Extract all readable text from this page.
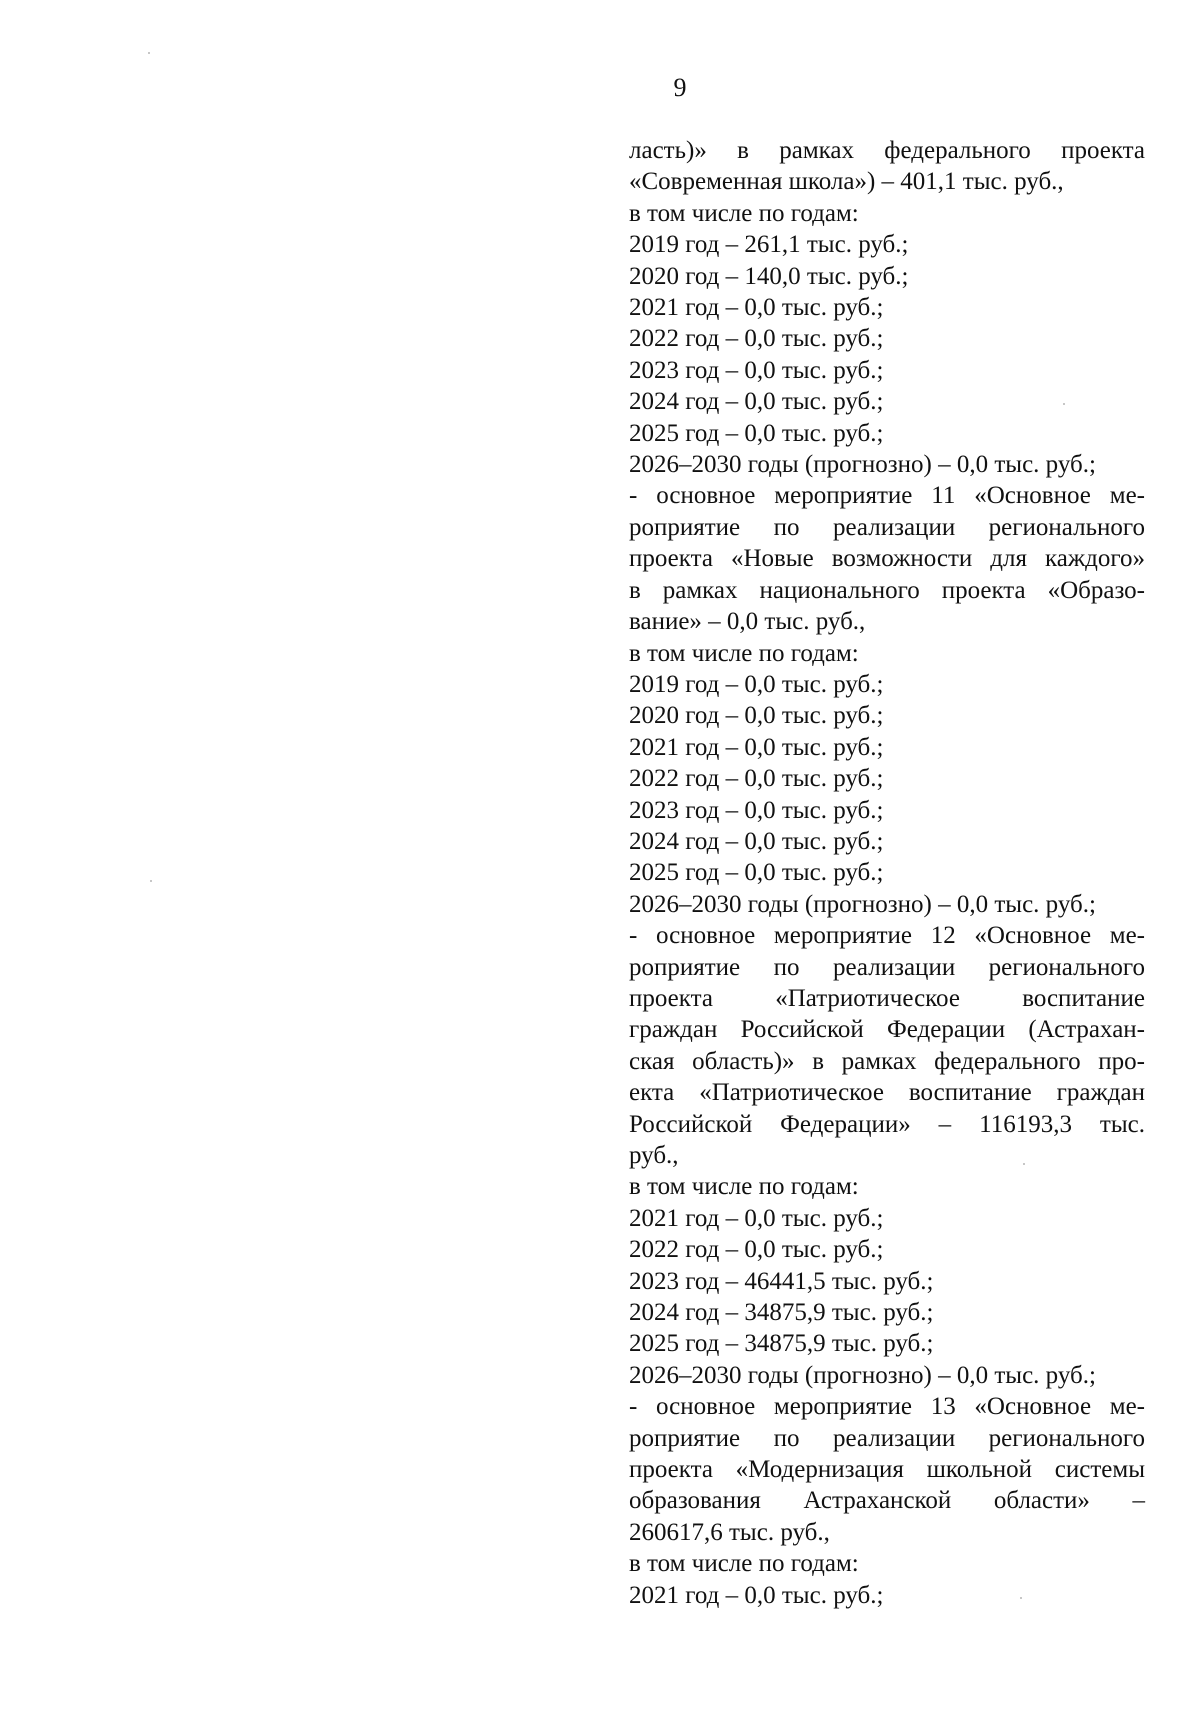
9
ласть)» в рамках федерального проекта
«Современная школа») – 401,1 тыс. руб.,
в том числе по годам:
2019 год – 261,1 тыс. руб.;
2020 год – 140,0 тыс. руб.;
2021 год – 0,0 тыс. руб.;
2022 год – 0,0 тыс. руб.;
2023 год – 0,0 тыс. руб.;
2024 год – 0,0 тыс. руб.;
2025 год – 0,0 тыс. руб.;
2026–2030 годы (прогнозно) – 0,0 тыс. руб.;
- основное мероприятие 11 «Основное ме-
роприятие по реализации регионального
проекта «Новые возможности для каждого»
в рамках национального проекта «Образо-
вание» – 0,0 тыс. руб.,
в том числе по годам:
2019 год – 0,0 тыс. руб.;
2020 год – 0,0 тыс. руб.;
2021 год – 0,0 тыс. руб.;
2022 год – 0,0 тыс. руб.;
2023 год – 0,0 тыс. руб.;
2024 год – 0,0 тыс. руб.;
2025 год – 0,0 тыс. руб.;
2026–2030 годы (прогнозно) – 0,0 тыс. руб.;
- основное мероприятие 12 «Основное ме-
роприятие по реализации регионального
проекта «Патриотическое воспитание
граждан Российской Федерации (Астрахан-
ская область)» в рамках федерального про-
екта «Патриотическое воспитание граждан
Российской Федерации» – 116193,3 тыс.
руб.,
в том числе по годам:
2021 год – 0,0 тыс. руб.;
2022 год – 0,0 тыс. руб.;
2023 год – 46441,5 тыс. руб.;
2024 год – 34875,9 тыс. руб.;
2025 год – 34875,9 тыс. руб.;
2026–2030 годы (прогнозно) – 0,0 тыс. руб.;
- основное мероприятие 13 «Основное ме-
роприятие по реализации регионального
проекта «Модернизация школьной системы
образования Астраханской области» –
260617,6 тыс. руб.,
в том числе по годам:
2021 год – 0,0 тыс. руб.;
